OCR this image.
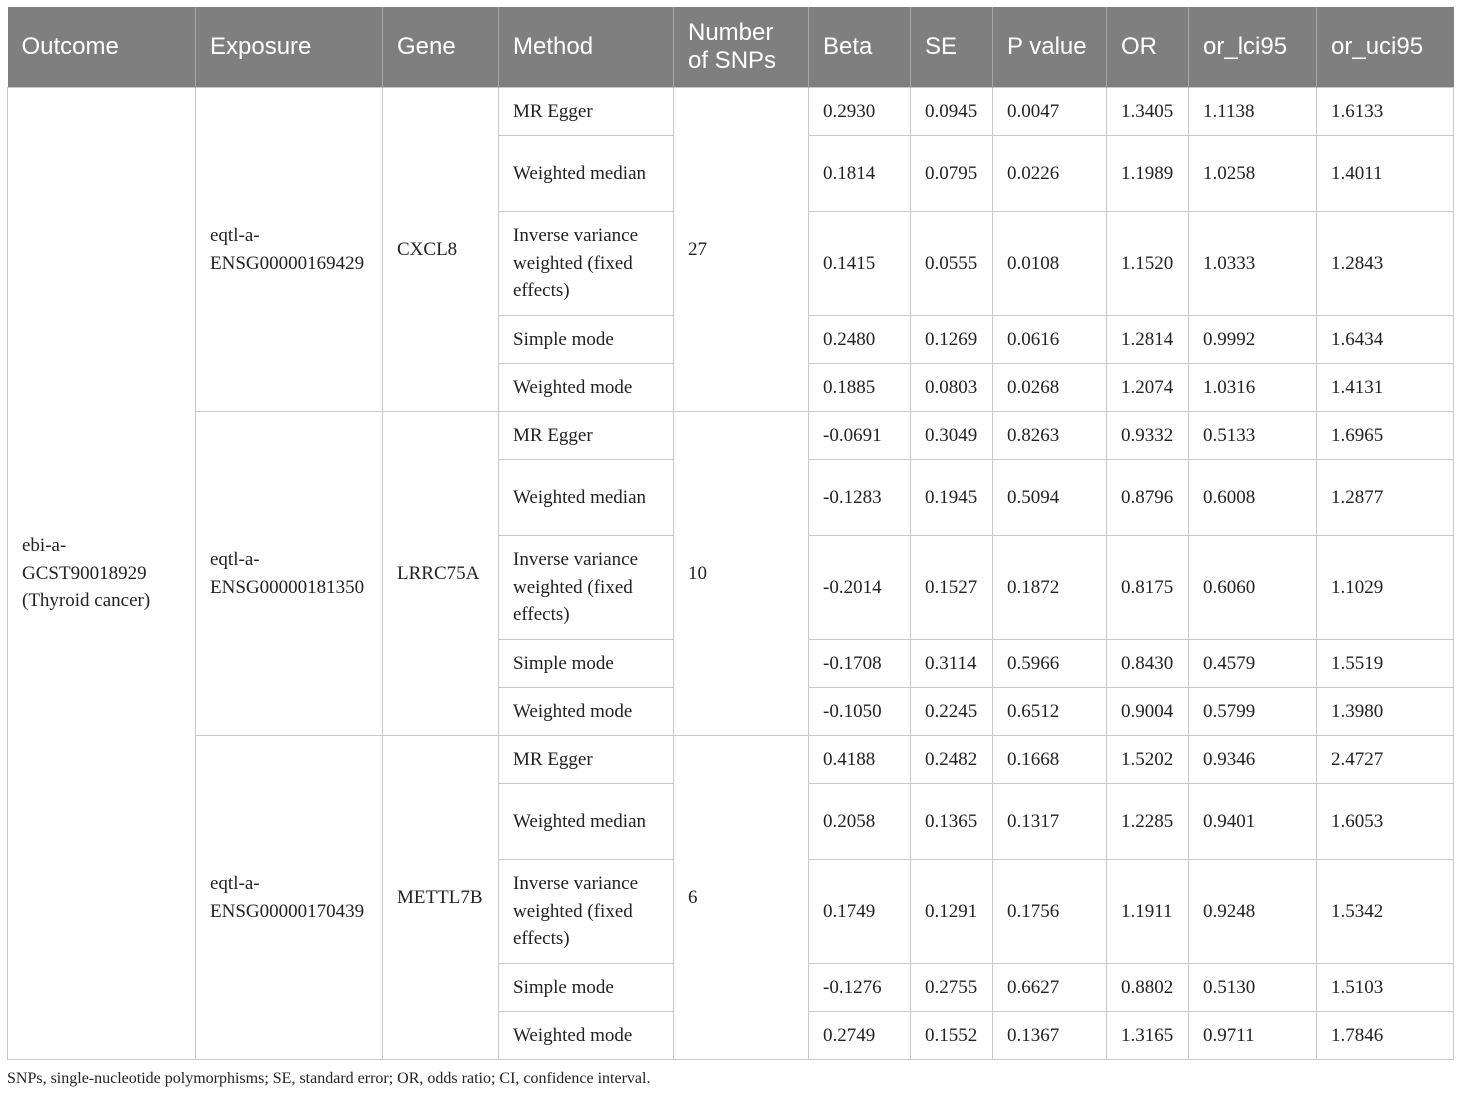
Outcome	Exposure	Gene	Method	Number of SNPs	Beta	SE	P value	OR	or_lci95	or_uci95
ebi-a-GCST90018929 (Thyroid cancer)	eqtl-a-ENSG00000169429	CXCL8	MR Egger	27	0.2930	0.0945	0.0047	1.3405	1.1138	1.6133
			Weighted median		0.1814	0.0795	0.0226	1.1989	1.0258	1.4011
			Inverse variance weighted (fixed effects)		0.1415	0.0555	0.0108	1.1520	1.0333	1.2843
			Simple mode		0.2480	0.1269	0.0616	1.2814	0.9992	1.6434
			Weighted mode		0.1885	0.0803	0.0268	1.2074	1.0316	1.4131
	eqtl-a-ENSG00000181350	LRRC75A	MR Egger	10	-0.0691	0.3049	0.8263	0.9332	0.5133	1.6965
			Weighted median		-0.1283	0.1945	0.5094	0.8796	0.6008	1.2877
			Inverse variance weighted (fixed effects)		-0.2014	0.1527	0.1872	0.8175	0.6060	1.1029
			Simple mode		-0.1708	0.3114	0.5966	0.8430	0.4579	1.5519
			Weighted mode		-0.1050	0.2245	0.6512	0.9004	0.5799	1.3980
	eqtl-a-ENSG00000170439	METTL7B	MR Egger	6	0.4188	0.2482	0.1668	1.5202	0.9346	2.4727
			Weighted median		0.2058	0.1365	0.1317	1.2285	0.9401	1.6053
			Inverse variance weighted (fixed effects)		0.1749	0.1291	0.1756	1.1911	0.9248	1.5342
			Simple mode		-0.1276	0.2755	0.6627	0.8802	0.5130	1.5103
			Weighted mode		0.2749	0.1552	0.1367	1.3165	0.9711	1.7846
SNPs, single-nucleotide polymorphisms; SE, standard error; OR, odds ratio; CI, confidence interval.
